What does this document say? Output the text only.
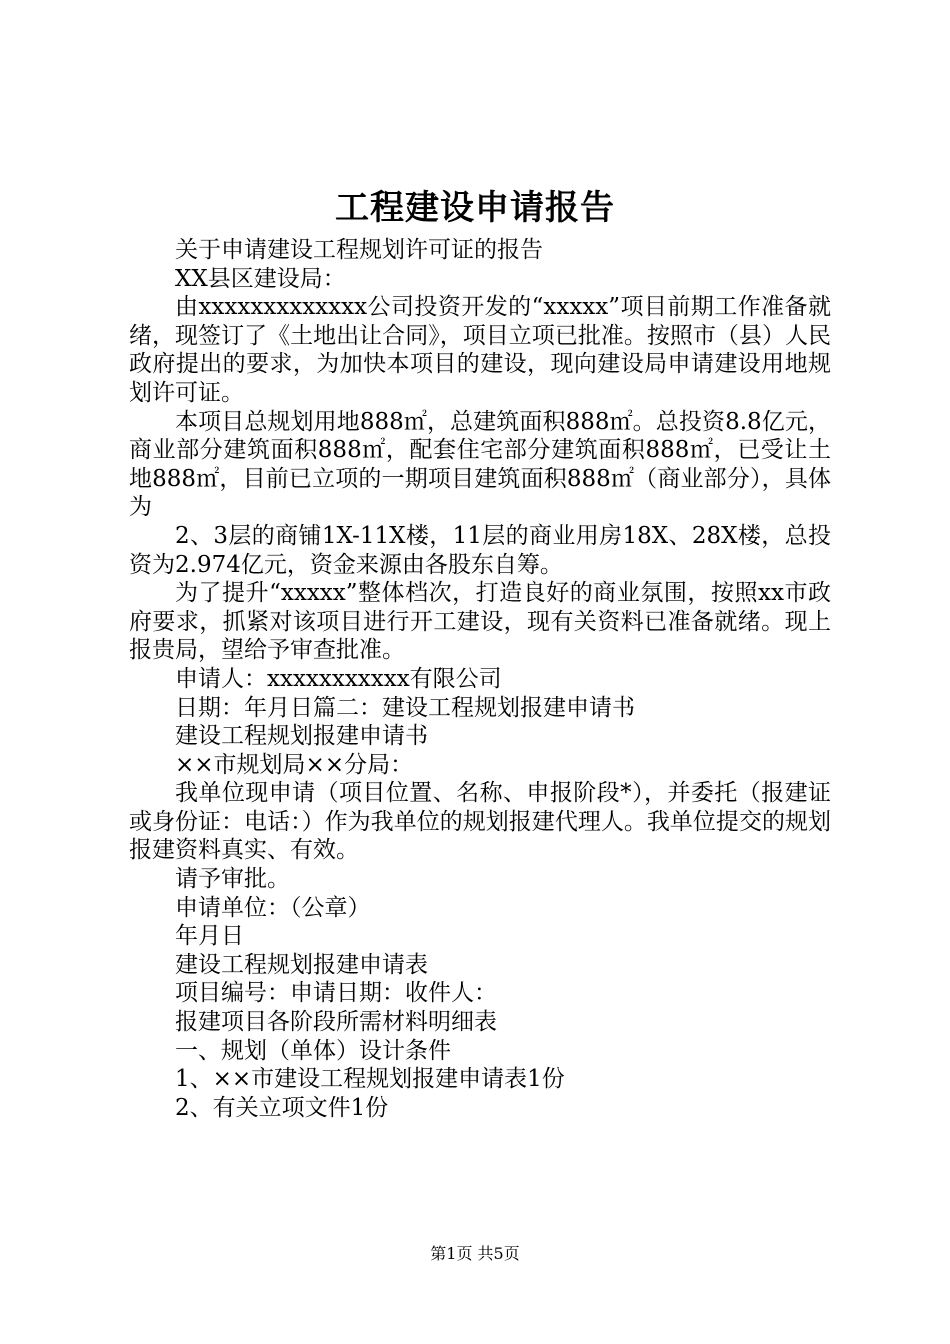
工程建设申请报告

关于申请建设工程规划许可证的报告

XX县区建设局：

由xxxxxxxxxxxxx公司投资开发的“xxxxx”项目前期工作准备就绪，现签订了《土地出让合同》，项目立项已批准。按照市（县）人民政府提出的要求，为加快本项目的建设，现向建设局申请建设用地规划许可证。

本项目总规划用地888㎡，总建筑面积888㎡。总投资8.8亿元，商业部分建筑面积888㎡，配套住宅部分建筑面积888㎡，已受让土地888㎡，目前已立项的一期项目建筑面积888㎡（商业部分），具体为

2、3层的商铺1X-11X楼，11层的商业用房18X、28X楼，总投资为2.974亿元，资金来源由各股东自筹。

为了提升“xxxxx”整体档次，打造良好的商业氛围，按照xx市政府要求，抓紧对该项目进行开工建设，现有关资料已准备就绪。现上报贵局，望给予审查批准。

申请人：xxxxxxxxxxx有限公司

日期：年月日篇二：建设工程规划报建申请书

建设工程规划报建申请书

××市规划局××分局：

我单位现申请（项目位置、名称、申报阶段*），并委托（报建证或身份证：电话：）作为我单位的规划报建代理人。我单位提交的规划报建资料真实、有效。

请予审批。

申请单位：（公章）

年月日

建设工程规划报建申请表

项目编号：申请日期：收件人：

报建项目各阶段所需材料明细表

一、规划（单体）设计条件

1、××市建设工程规划报建申请表1份

2、有关立项文件1份

第1页 共5页
